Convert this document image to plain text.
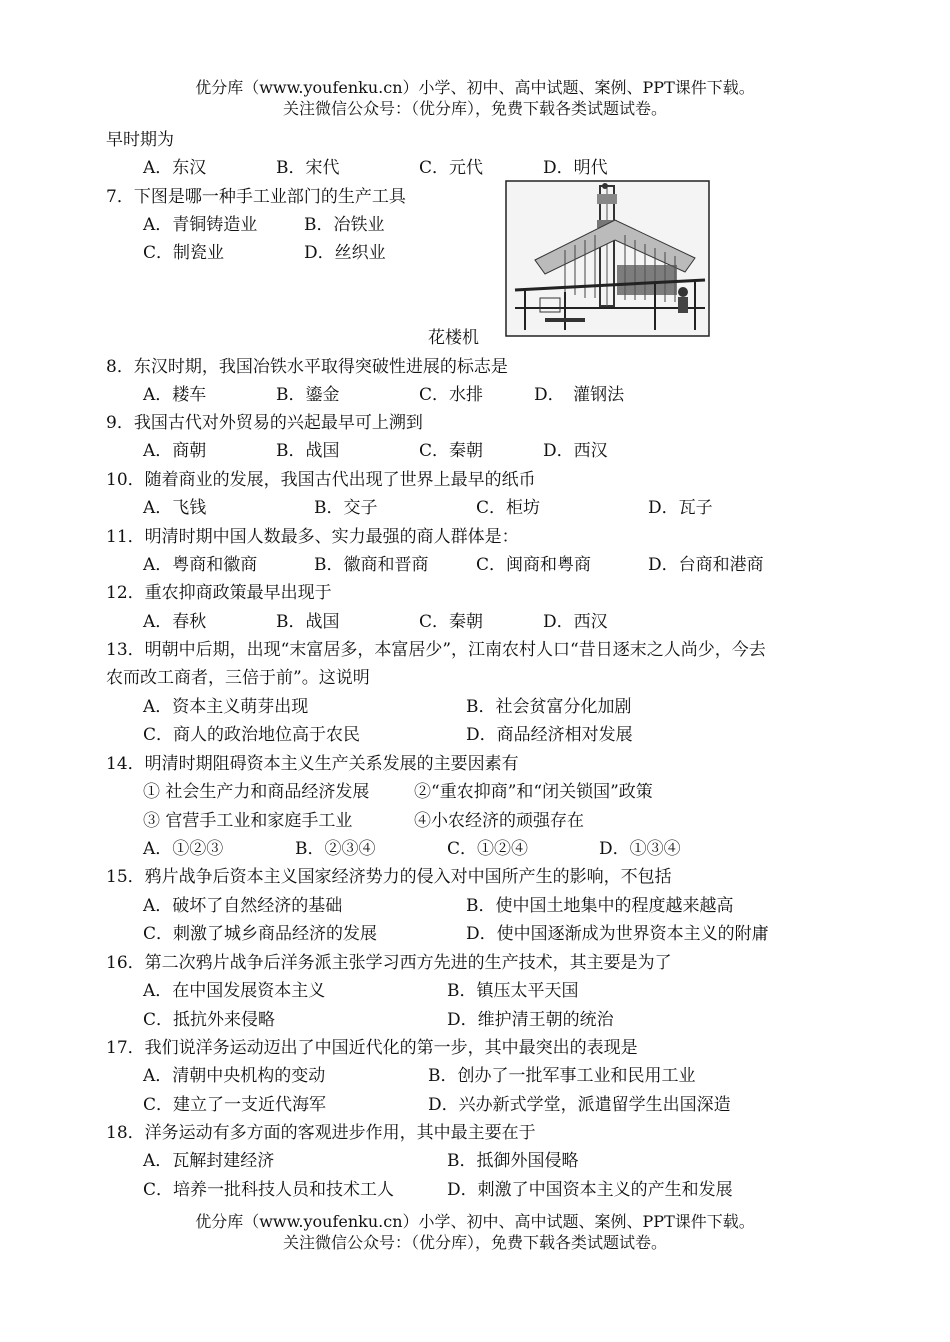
优分库（www.youfenku.cn）小学、初中、高中试题、案例、PPT课件下载。
关注微信公众号：（优分库），免费下载各类试题试卷。
早时期为
A．东汉	B．宋代	C．元代	D．明代
7．下图是哪一种手工业部门的生产工具
A．青铜铸造业	B．冶铁业
C．制瓷业	D．丝织业
花楼机
8．东汉时期，我国冶铁水平取得突破性进展的标志是
A．耧车	B．鎏金	C．水排	D．　灌钢法
9．我国古代对外贸易的兴起最早可上溯到
A．商朝	B．战国	C．秦朝	D．西汉
10．随着商业的发展，我国古代出现了世界上最早的纸币
A．飞钱	B．交子	C．柜坊	D．瓦子
11．明清时期中国人数最多、实力最强的商人群体是：
A．粤商和徽商	B．徽商和晋商	C．闽商和粤商	D．台商和港商
12．重农抑商政策最早出现于
A．春秋	B．战国	C．秦朝	D．西汉
13．明朝中后期，出现“末富居多，本富居少”，江南农村人口“昔日逐末之人尚少，今去
农而改工商者，三倍于前”。这说明
A．资本主义萌芽出现	B．社会贫富分化加剧
C．商人的政治地位高于农民	D．商品经济相对发展
14．明清时期阻碍资本主义生产关系发展的主要因素有
① 社会生产力和商品经济发展	②“重农抑商”和“闭关锁国”政策
③ 官营手工业和家庭手工业	④小农经济的顽强存在
A．①②③	B．②③④	C．①②④	D．①③④
15．鸦片战争后资本主义国家经济势力的侵入对中国所产生的影响，不包括
A．破坏了自然经济的基础	B．使中国土地集中的程度越来越高
C．刺激了城乡商品经济的发展	D．使中国逐渐成为世界资本主义的附庸
16．第二次鸦片战争后洋务派主张学习西方先进的生产技术，其主要是为了
A．在中国发展资本主义	B．镇压太平天国
C．抵抗外来侵略	D．维护清王朝的统治
17．我们说洋务运动迈出了中国近代化的第一步，其中最突出的表现是
A．清朝中央机构的变动	B．创办了一批军事工业和民用工业
C．建立了一支近代海军	D．兴办新式学堂，派遣留学生出国深造
18．洋务运动有多方面的客观进步作用，其中最主要在于
A．瓦解封建经济	B．抵御外国侵略
C．培养一批科技人员和技术工人	D．刺激了中国资本主义的产生和发展
优分库（www.youfenku.cn）小学、初中、高中试题、案例、PPT课件下载。
关注微信公众号：（优分库），免费下载各类试题试卷。
